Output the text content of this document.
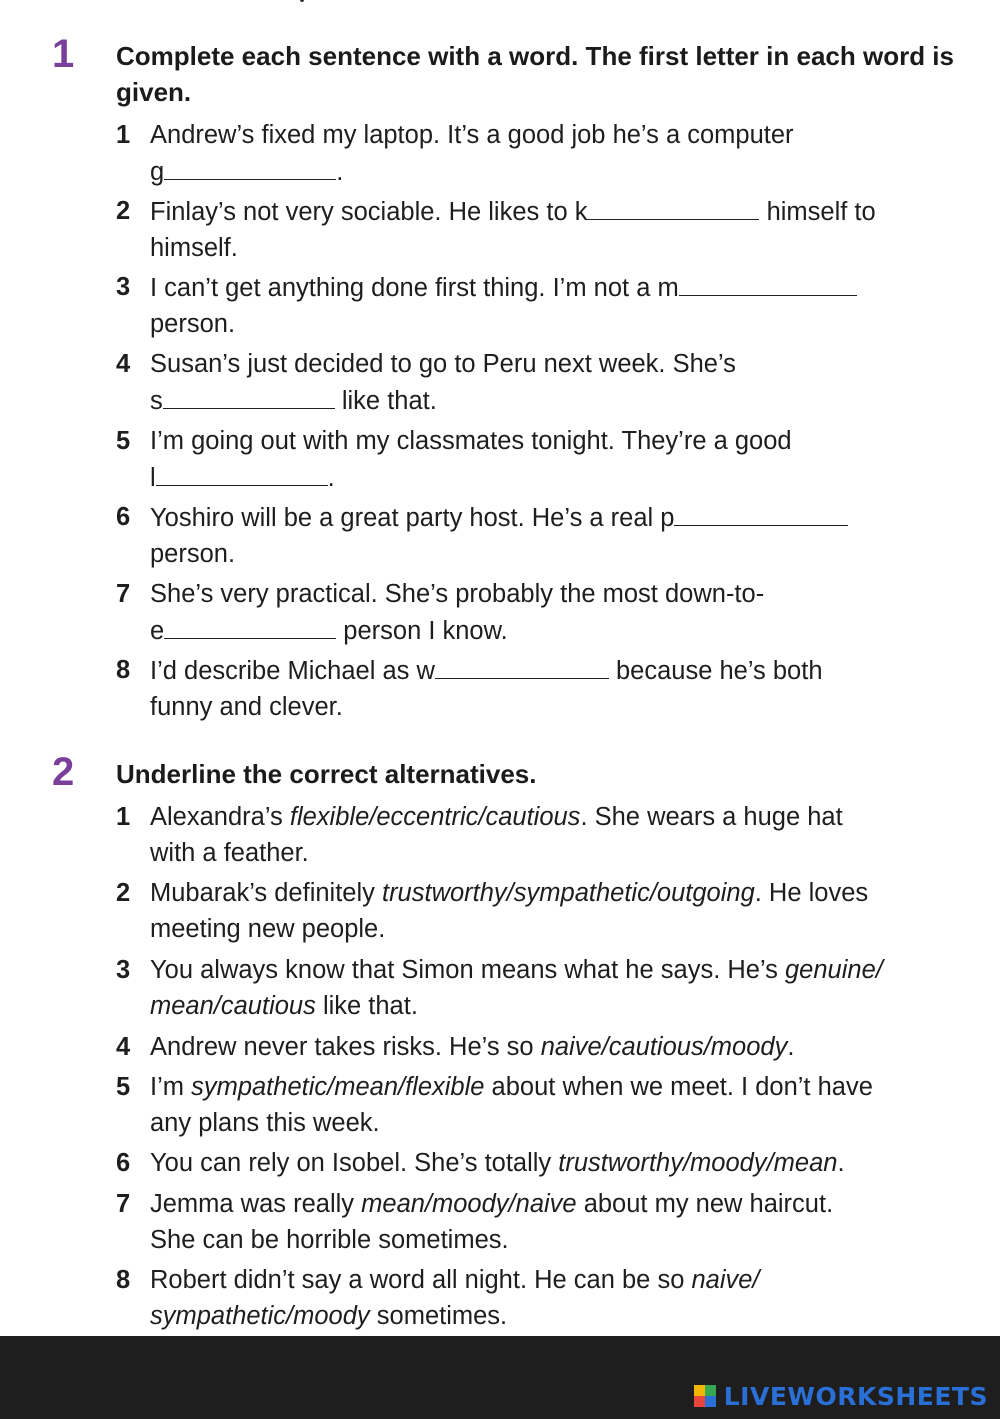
1 Complete each sentence with a word. The first letter in each word is given.
1 Andrew’s fixed my laptop. It’s a good job he’s a computer
g	.
2 Finlay’s not very sociable. He likes to k	himself to
himself.
3 I can’t get anything done first thing. I’m not a m
person.
4 Susan’s just decided to go to Peru next week. She’s
s	like that.
5 I’m going out with my classmates tonight. They’re a good
l	.
6 Yoshiro will be a great party host. He’s a real p
person.
7 She’s very practical. She’s probably the most down-to-
e	person I know.
8 I’d describe Michael as w	because he’s both
funny and clever.
2 Underline the correct alternatives.
1 Alexandra’s flexible/eccentric/cautious. She wears a huge hat
with a feather.
2 Mubarak’s definitely trustworthy/sympathetic/outgoing. He loves
meeting new people.
3 You always know that Simon means what he says. He’s genuine/
mean/cautious like that.
4 Andrew never takes risks. He’s so naive/cautious/moody.
5 I’m sympathetic/mean/flexible about when we meet. I don’t have
any plans this week.
6 You can rely on Isobel. She’s totally trustworthy/moody/mean.
7 Jemma was really mean/moody/naive about my new haircut.
She can be horrible sometimes.
8 Robert didn’t say a word all night. He can be so naive/
sympathetic/moody sometimes.
LIVEWORKSHEETS
